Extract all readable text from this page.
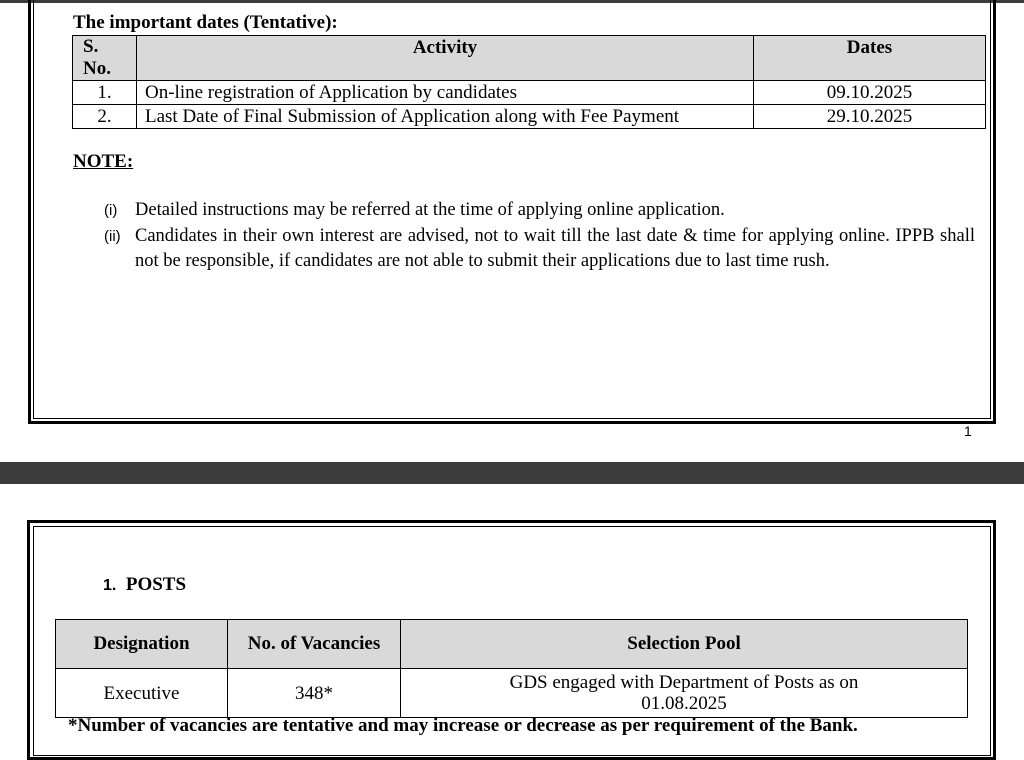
The important dates (Tentative):
S.
No.	Activity	Dates
1.	On-line registration of Application by candidates	09.10.2025
2.	Last Date of Final Submission of Application along with Fee Payment	29.10.2025
NOTE:
(i) Detailed instructions may be referred at the time of applying online application.
(ii) Candidates in their own interest are advised, not to wait till the last date & time for applying online. IPPB shall not be responsible, if candidates are not able to submit their applications due to last time rush.
1
1. POSTS
Designation	No. of Vacancies	Selection Pool
Executive	348*	GDS engaged with Department of Posts as on
01.08.2025
*Number of vacancies are tentative and may increase or decrease as per requirement of the Bank.
